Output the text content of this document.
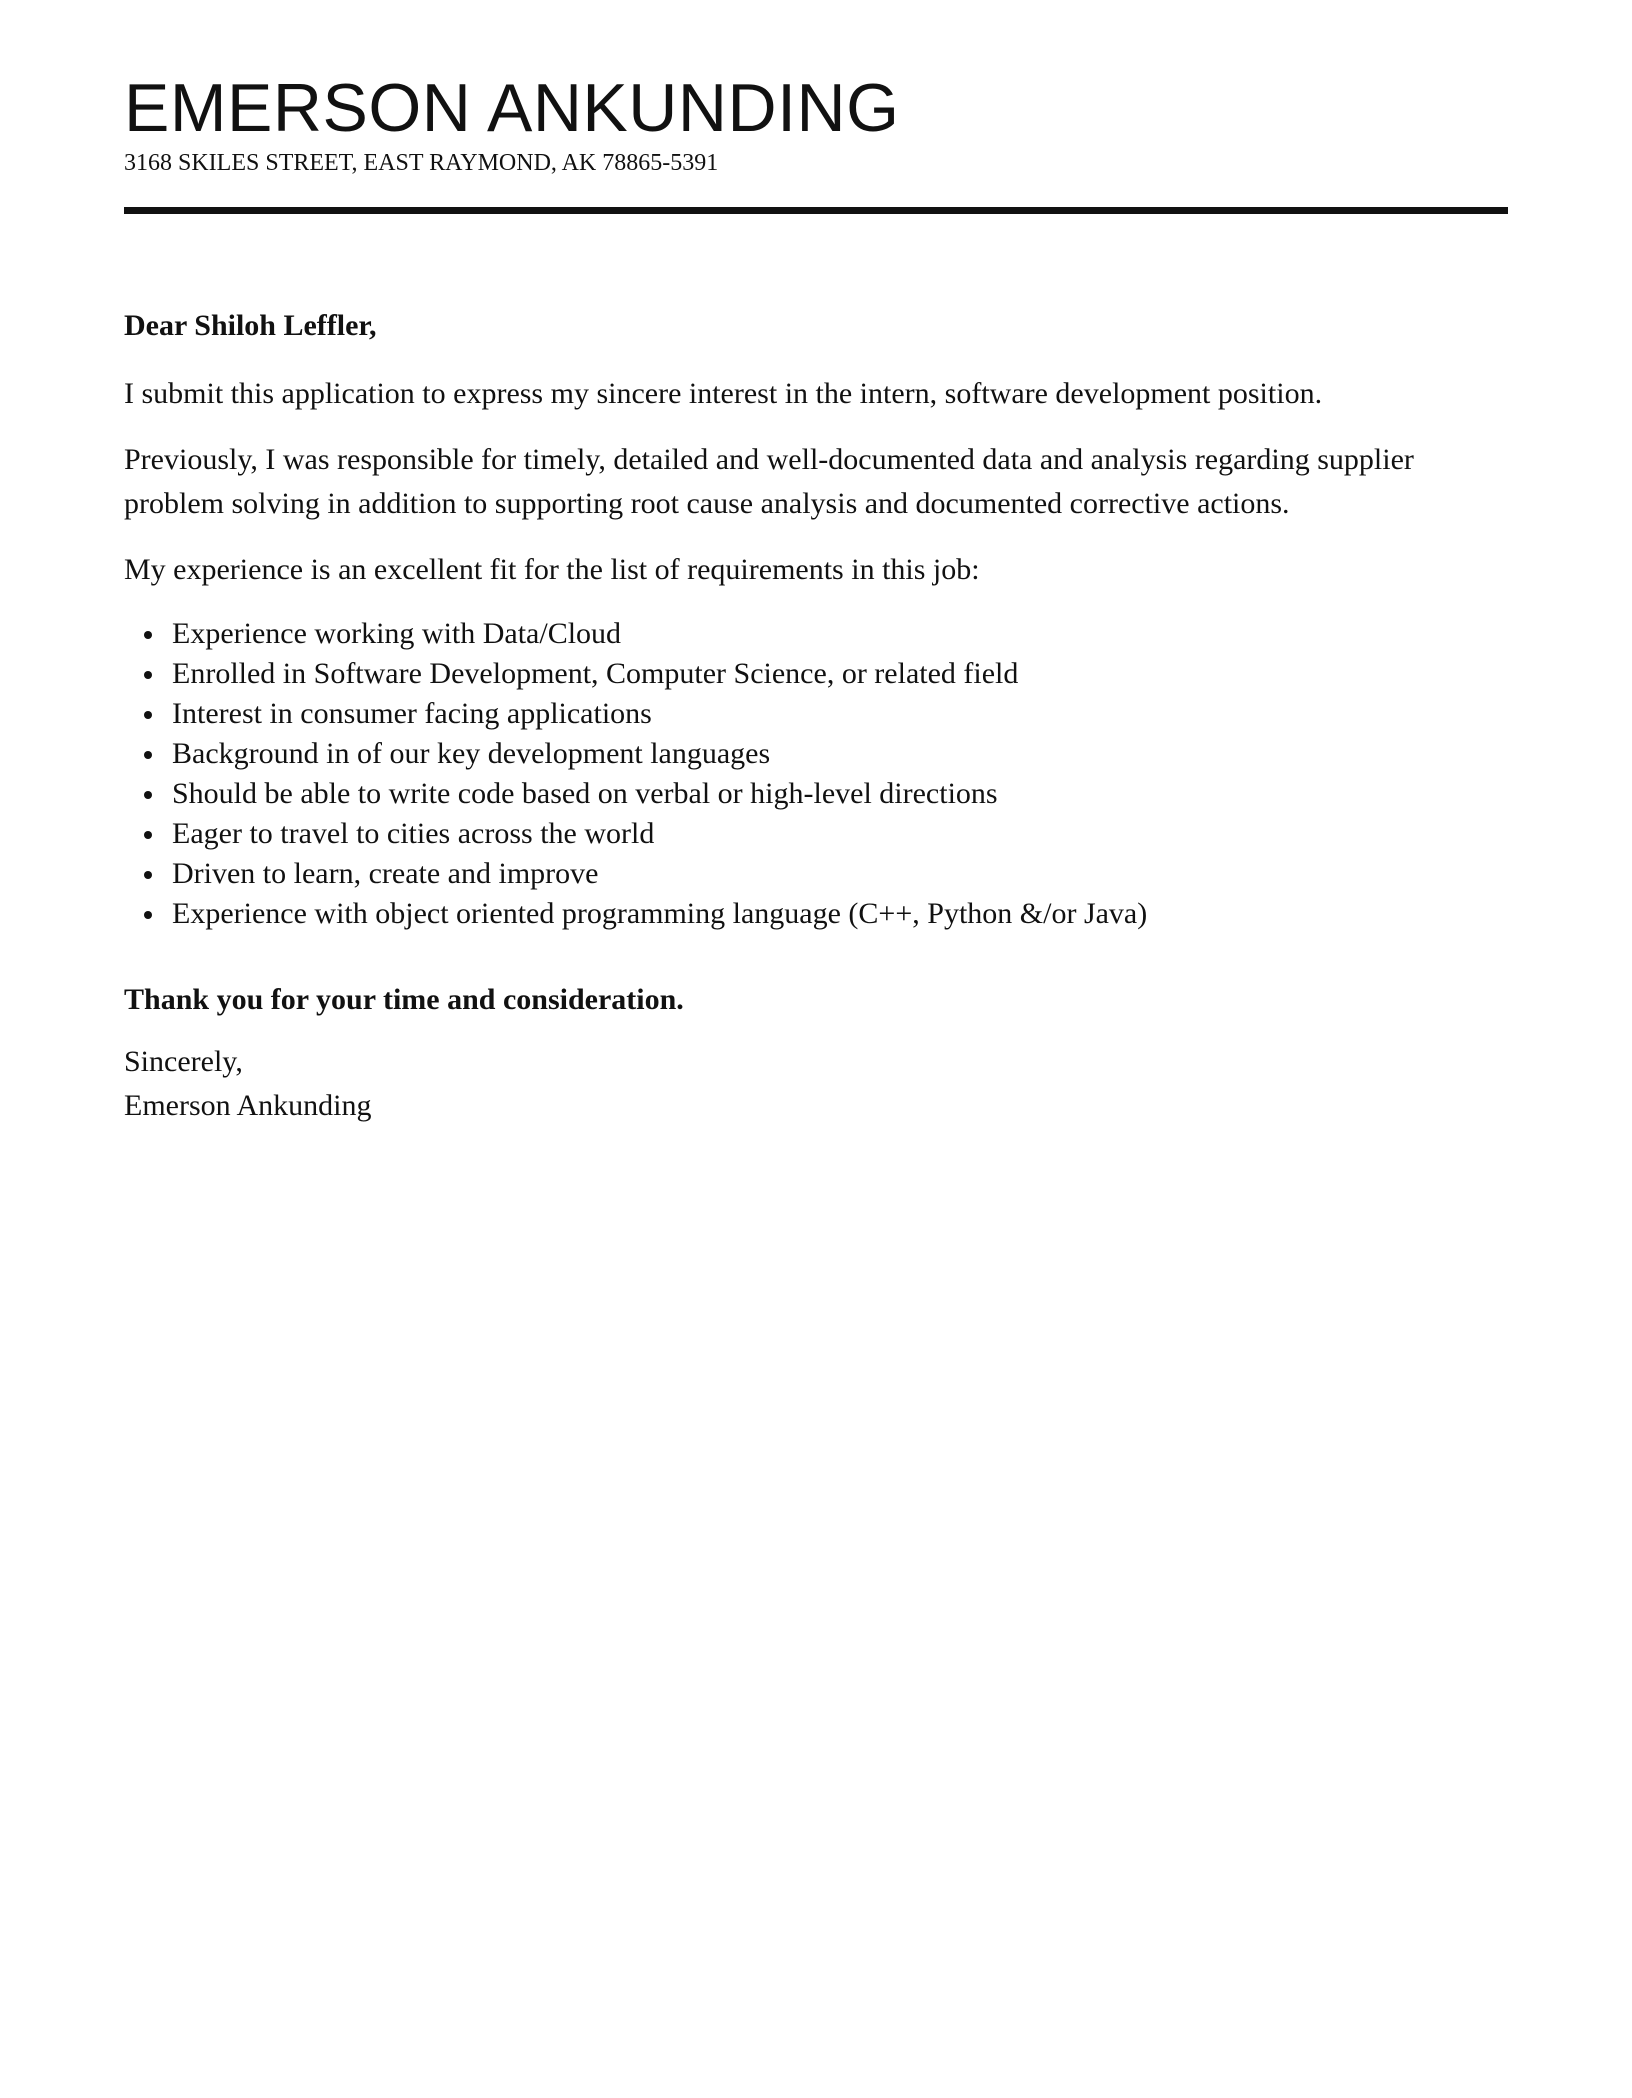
EMERSON ANKUNDING
3168 SKILES STREET, EAST RAYMOND, AK 78865-5391

Dear Shiloh Leffler,

I submit this application to express my sincere interest in the intern, software development position.

Previously, I was responsible for timely, detailed and well-documented data and analysis regarding supplier problem solving in addition to supporting root cause analysis and documented corrective actions.

My experience is an excellent fit for the list of requirements in this job:

Experience working with Data/Cloud
Enrolled in Software Development, Computer Science, or related field
Interest in consumer facing applications
Background in of our key development languages
Should be able to write code based on verbal or high-level directions
Eager to travel to cities across the world
Driven to learn, create and improve
Experience with object oriented programming language (C++, Python &/or Java)

Thank you for your time and consideration.

Sincerely,

Emerson Ankunding
